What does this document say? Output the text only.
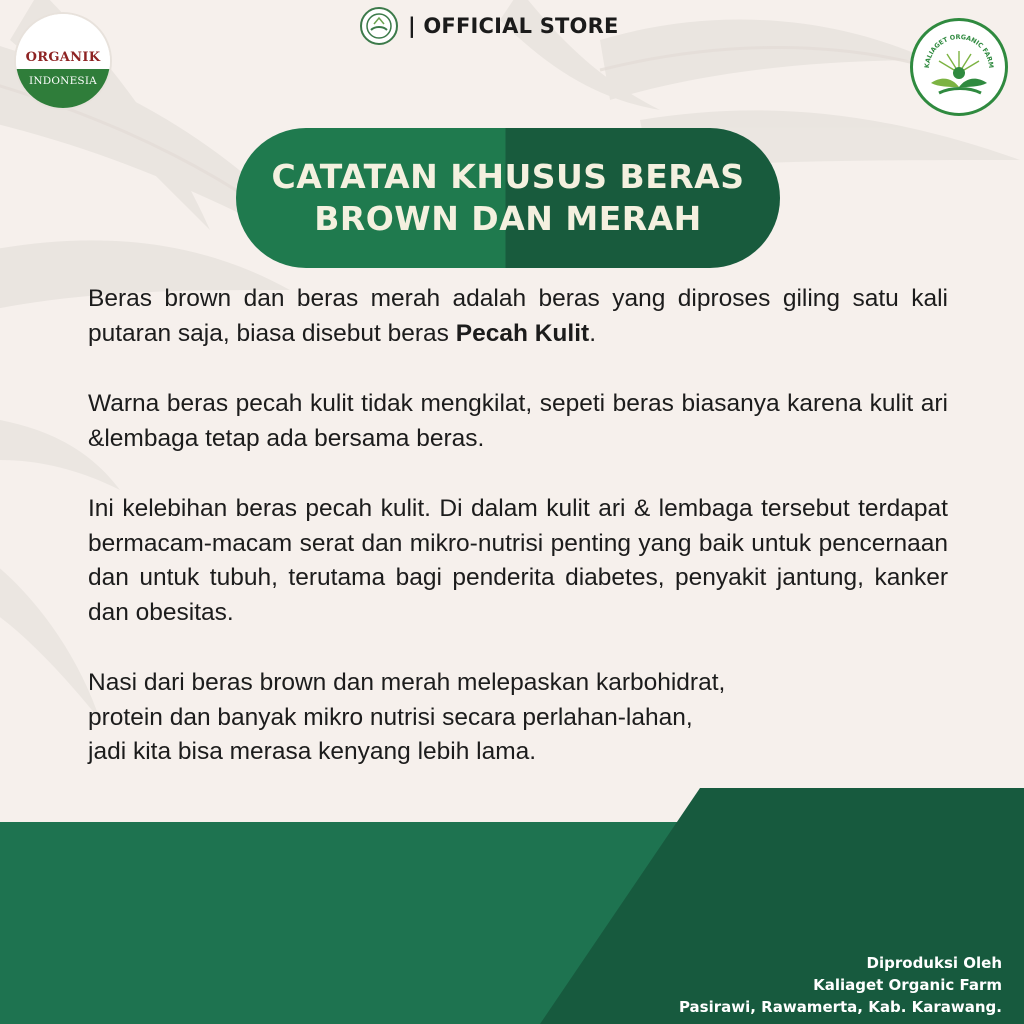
| OFFICIAL STORE
ORGANIK
INDONESIA
KALIAGET ORGANIC FARM
CATATAN KHUSUS BERAS
BROWN DAN MERAH

Beras brown dan beras merah adalah beras yang diproses giling satu kali putaran saja, biasa disebut beras Pecah Kulit.

Warna beras pecah kulit tidak mengkilat, sepeti beras biasanya karena kulit ari &lembaga tetap ada bersama beras.

Ini kelebihan beras pecah kulit. Di dalam kulit ari & lembaga tersebut terdapat bermacam-macam serat dan mikro-nutrisi penting yang baik untuk pencernaan dan untuk tubuh, terutama bagi penderita diabetes, penyakit jantung, kanker dan obesitas.

Nasi dari beras brown dan merah melepaskan karbohidrat,
protein dan banyak mikro nutrisi secara perlahan-lahan,
jadi kita bisa merasa kenyang lebih lama.

Diproduksi Oleh
Kaliaget Organic Farm
Pasirawi, Rawamerta, Kab. Karawang.
